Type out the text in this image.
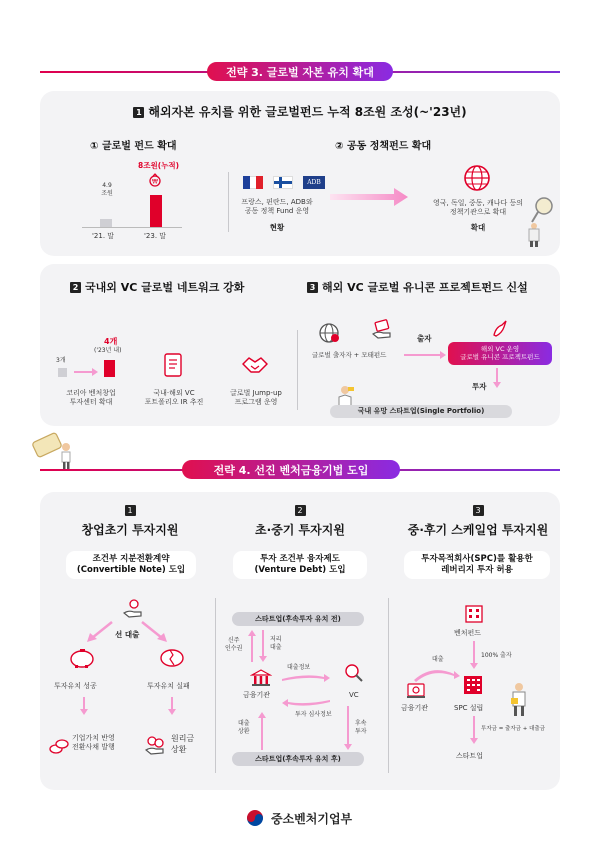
전략 3. 글로벌 자본 유치 확대
1 해외자본 유치를 위한 글로벌펀드 누적 8조원 조성(~'23년)
① 글로벌 펀드 확대	② 공동 정책펀드 확대
4.9
조원
8조원(누적)
₩
'21. 말	'23. 말
ADB
프랑스, 핀란드, ADB와
공동 정책 Fund 운영
현황
영국, 독일, 중동, 캐나다 등의
정책기관으로 확대
확대
2 국내외 VC 글로벌 네트워크 강화	3 해외 VC 글로벌 유니콘 프로젝트펀드 신설
3개
4개
('23년 내)
코리아 벤처창업
투자센터 확대
국내·해외 VC
포트폴리오 IR 추진
글로벌 Jump-up
프로그램 운영
글로벌 출자자 + 모태펀드
출자
해외 VC 운영
글로벌 유니콘 프로젝트펀드
투자
국내 유망 스타트업(Single Portfolio)
전략 4. 선진 벤처금융기법 도입
1	2	3
창업초기 투자지원	초·중기 투자지원	중·후기 스케일업 투자지원
조건부 지분전환계약
(Convertible Note) 도입
투자 조건부 융자제도
(Venture Debt) 도입
투자목적회사(SPC)를 활용한
레버리지 투자 허용
선 대출
투자유치 성공	투자유치 실패
기업가치 반영
전환사채 발행
원리금
상환
스타트업(후속투자 유치 전)
신주
인수권
저리
대출
대출정보
금융기관	VC
투자 심사정보
대출
상환
후속
투자
스타트업(후속투자 유치 후)
벤처펀드
100% 출자
대출
금융기관	SPC 설립
투자금 = 출자금 + 대출금
스타트업
중소벤처기업부
